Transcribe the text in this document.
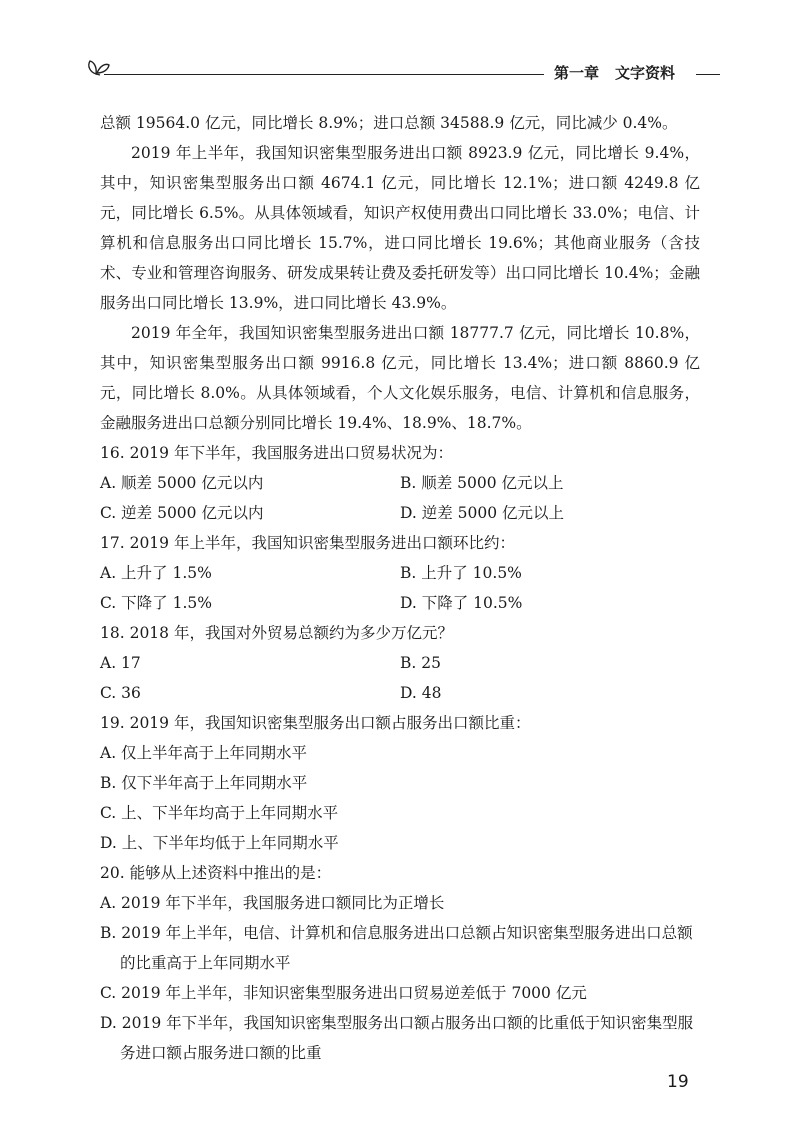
第一章 文字资料

总额 19564.0 亿元，同比增长 8.9%；进口总额 34588.9 亿元，同比减少 0.4%。

2019 年上半年，我国知识密集型服务进出口额 8923.9 亿元，同比增长 9.4%，其中，知识密集型服务出口额 4674.1 亿元，同比增长 12.1%；进口额 4249.8 亿元，同比增长 6.5%。从具体领域看，知识产权使用费出口同比增长 33.0%；电信、计算机和信息服务出口同比增长 15.7%，进口同比增长 19.6%；其他商业服务（含技术、专业和管理咨询服务、研发成果转让费及委托研发等）出口同比增长 10.4%；金融服务出口同比增长 13.9%，进口同比增长 43.9%。

2019 年全年，我国知识密集型服务进出口额 18777.7 亿元，同比增长 10.8%，其中，知识密集型服务出口额 9916.8 亿元，同比增长 13.4%；进口额 8860.9 亿元，同比增长 8.0%。从具体领域看，个人文化娱乐服务，电信、计算机和信息服务，金融服务进出口总额分别同比增长 19.4%、18.9%、18.7%。

16. 2019 年下半年，我国服务进出口贸易状况为：

A. 顺差 5000 亿元以内	B. 顺差 5000 亿元以上
C. 逆差 5000 亿元以内	D. 逆差 5000 亿元以上

17. 2019 年上半年，我国知识密集型服务进出口额环比约：

A. 上升了 1.5%	B. 上升了 10.5%
C. 下降了 1.5%	D. 下降了 10.5%

18. 2018 年，我国对外贸易总额约为多少万亿元？

A. 17	B. 25
C. 36	D. 48

19. 2019 年，我国知识密集型服务出口额占服务出口额比重：

A. 仅上半年高于上年同期水平

B. 仅下半年高于上年同期水平

C. 上、下半年均高于上年同期水平

D. 上、下半年均低于上年同期水平

20. 能够从上述资料中推出的是：

A. 2019 年下半年，我国服务进口额同比为正增长

B. 2019 年上半年，电信、计算机和信息服务进出口总额占知识密集型服务进出口总额的比重高于上年同期水平

C. 2019 年上半年，非知识密集型服务进出口贸易逆差低于 7000 亿元

D. 2019 年下半年，我国知识密集型服务出口额占服务出口额的比重低于知识密集型服务进口额占服务进口额的比重

19
